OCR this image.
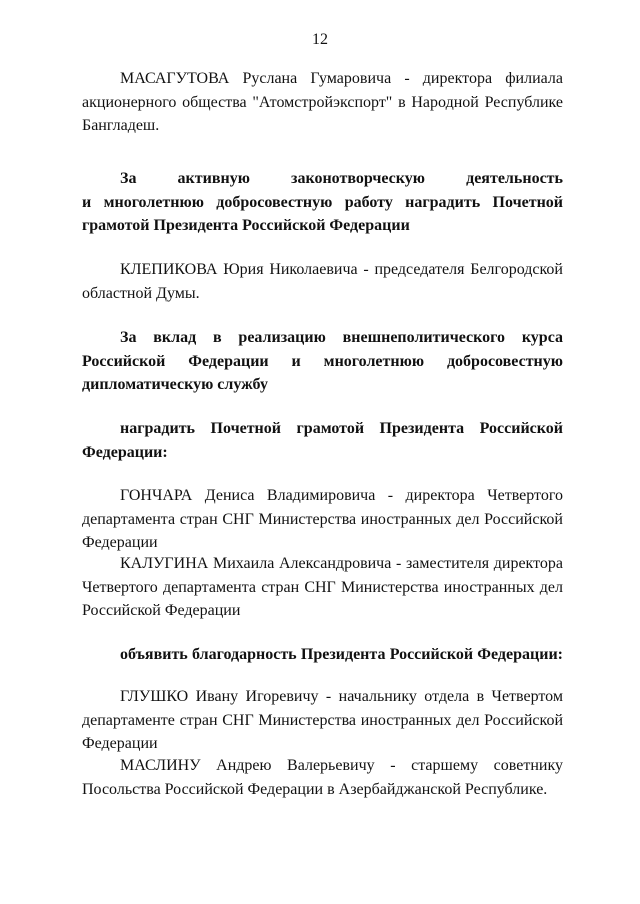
12
МАСАГУТОВА Руслана Гумаровича - директора филиала
акционерного общества "Атомстройэкспорт" в Народной Республике
Бангладеш.
За активную законотворческую деятельность
и многолетнюю добросовестную работу наградить Почетной
грамотой Президента Российской Федерации
КЛЕПИКОВА Юрия Николаевича - председателя Белгородской
областной Думы.
За вклад в реализацию внешнеполитического курса
Российской Федерации и многолетнюю добросовестную
дипломатическую службу
наградить Почетной грамотой Президента Российской
Федерации:
ГОНЧАРА Дениса Владимировича - директора Четвертого
департамента стран СНГ Министерства иностранных дел Российской
Федерации
КАЛУГИНА Михаила Александровича - заместителя директора
Четвертого департамента стран СНГ Министерства иностранных дел
Российской Федерации
объявить благодарность Президента Российской Федерации:
ГЛУШКО Ивану Игоревичу - начальнику отдела в Четвертом
департаменте стран СНГ Министерства иностранных дел Российской
Федерации
МАСЛИНУ Андрею Валерьевичу - старшему советнику
Посольства Российской Федерации в Азербайджанской Республике.
